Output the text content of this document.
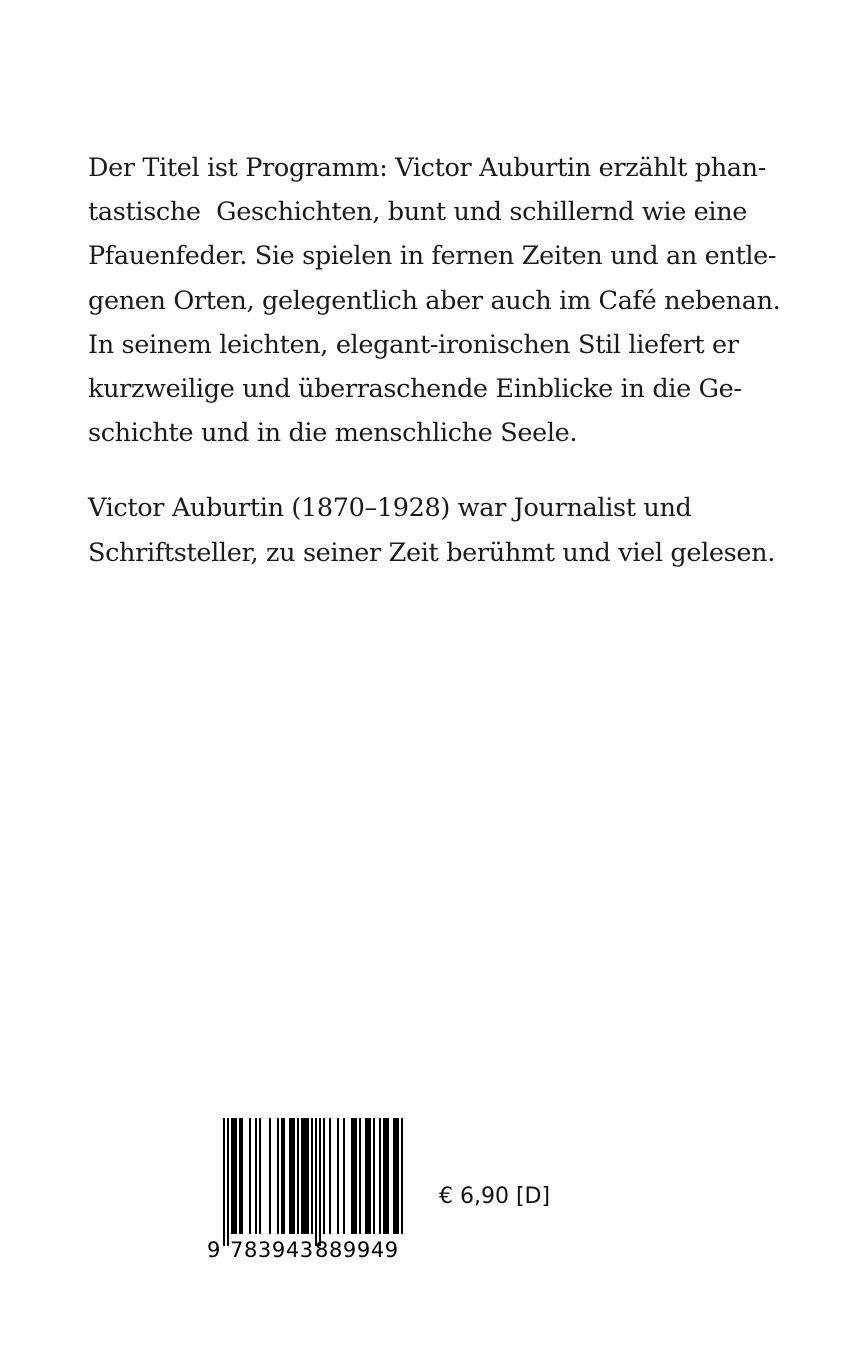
Der Titel ist Programm: Victor Auburtin erzählt phan-
tastische  Geschichten, bunt und schillernd wie eine
Pfauenfeder. Sie spielen in fernen Zeiten und an entle-
genen Orten, gelegentlich aber auch im Café nebenan.
In seinem leichten, elegant-ironischen Stil liefert er
kurzweilige und überraschende Einblicke in die Ge-
schichte und in die menschliche Seele.
Victor Auburtin (1870–1928) war Journalist und
Schriftsteller, zu seiner Zeit berühmt und viel gelesen.
9 783943 889949
€ 6,90 [D]
